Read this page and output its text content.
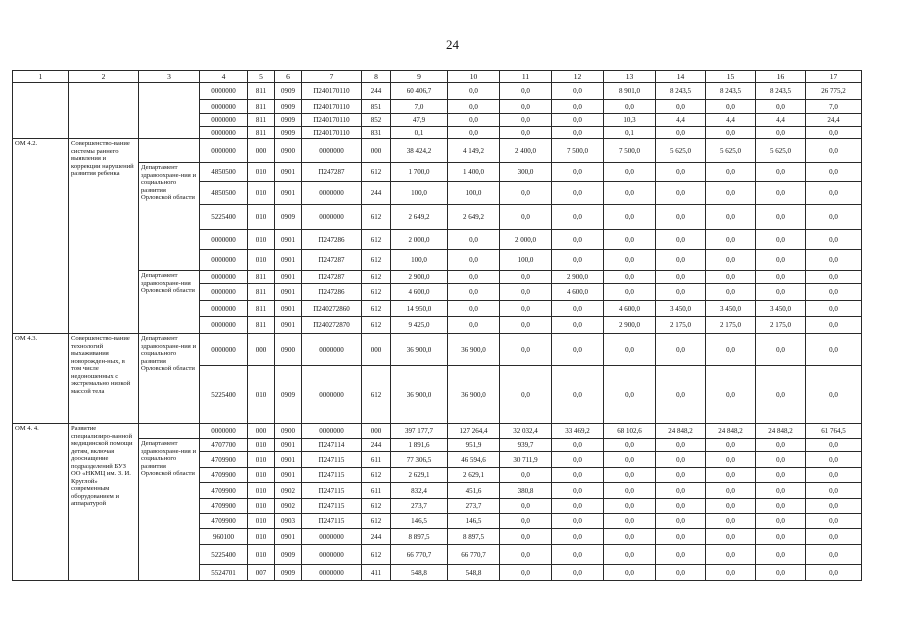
24
1	2	3	4	5	6	7	8	9	10	11	12	13	14	15	16	17
			0000000	811	0909	П240170110	244	60 406,7	0,0	0,0	0,0	8 901,0	8 243,5	8 243,5	8 243,5	26 775,2
			0000000	811	0909	П240170110	851	7,0	0,0	0,0	0,0	0,0	0,0	0,0	0,0	7,0
			0000000	811	0909	П240170110	852	47,9	0,0	0,0	0,0	10,3	4,4	4,4	4,4	24,4
			0000000	811	0909	П240170110	831	0,1	0,0	0,0	0,0	0,1	0,0	0,0	0,0	0,0
ОМ 4.2.	Совершенство-вание системы раннего выявления и коррекции нарушений развития ребенка		0000000	000	0900	0000000	000	38 424,2	4 149,2	2 400,0	7 500,0	7 500,0	5 625,0	5 625,0	5 625,0	0,0
		Департамент здравоохране-ния и социального развития Орловской области	4850500	010	0901	П247287	612	1 700,0	1 400,0	300,0	0,0	0,0	0,0	0,0	0,0	0,0
			4850500	010	0901	0000000	244	100,0	100,0	0,0	0,0	0,0	0,0	0,0	0,0	0,0
			5225400	010	0909	0000000	612	2 649,2	2 649,2	0,0	0,0	0,0	0,0	0,0	0,0	0,0
			0000000	010	0901	П247286	612	2 000,0	0,0	2 000,0	0,0	0,0	0,0	0,0	0,0	0,0
			0000000	010	0901	П247287	612	100,0	0,0	100,0	0,0	0,0	0,0	0,0	0,0	0,0
		Департамент здравоохране-ния Орловской области	0000000	811	0901	П247287	612	2 900,0	0,0	0,0	2 900,0	0,0	0,0	0,0	0,0	0,0
			0000000	811	0901	П247286	612	4 600,0	0,0	0,0	4 600,0	0,0	0,0	0,0	0,0	0,0
			0000000	811	0901	П240272860	612	14 950,0	0,0	0,0	0,0	4 600,0	3 450,0	3 450,0	3 450,0	0,0
			0000000	811	0901	П240272870	612	9 425,0	0,0	0,0	0,0	2 900,0	2 175,0	2 175,0	2 175,0	0,0
ОМ 4.3.	Совершенство-вание технологий выхаживания новорожден-ных, в том числе недоношенных с экстремально низкой массой тела	Департамент здравоохране-ния и социального развития Орловской области	0000000	000	0900	0000000	000	36 900,0	36 900,0	0,0	0,0	0,0	0,0	0,0	0,0	0,0
			5225400	010	0909	0000000	612	36 900,0	36 900,0	0,0	0,0	0,0	0,0	0,0	0,0	0,0
ОМ 4. 4.	Развитие специализиро-ванной медицинской помощи детям, включая дооснащение подразделений БУЗ ОО «НКМЦ им. З. И. Круглой» современным оборудованием и аппаратурой		0000000	000	0900	0000000	000	397 177,7	127 264,4	32 032,4	33 469,2	68 102,6	24 848,2	24 848,2	24 848,2	61 764,5
		Департамент здравоохране-ния и социального развития Орловской области	4707700	010	0901	П247114	244	1 891,6	951,9	939,7	0,0	0,0	0,0	0,0	0,0	0,0
			4709900	010	0901	П247115	611	77 306,5	46 594,6	30 711,9	0,0	0,0	0,0	0,0	0,0	0,0
			4709900	010	0901	П247115	612	2 629,1	2 629,1	0,0	0,0	0,0	0,0	0,0	0,0	0,0
			4709900	010	0902	П247115	611	832,4	451,6	380,8	0,0	0,0	0,0	0,0	0,0	0,0
			4709900	010	0902	П247115	612	273,7	273,7	0,0	0,0	0,0	0,0	0,0	0,0	0,0
			4709900	010	0903	П247115	612	146,5	146,5	0,0	0,0	0,0	0,0	0,0	0,0	0,0
			960100	010	0901	0000000	244	8 897,5	8 897,5	0,0	0,0	0,0	0,0	0,0	0,0	0,0
			5225400	010	0909	0000000	612	66 770,7	66 770,7	0,0	0,0	0,0	0,0	0,0	0,0	0,0
			5524701	007	0909	0000000	411	548,8	548,8	0,0	0,0	0,0	0,0	0,0	0,0	0,0
